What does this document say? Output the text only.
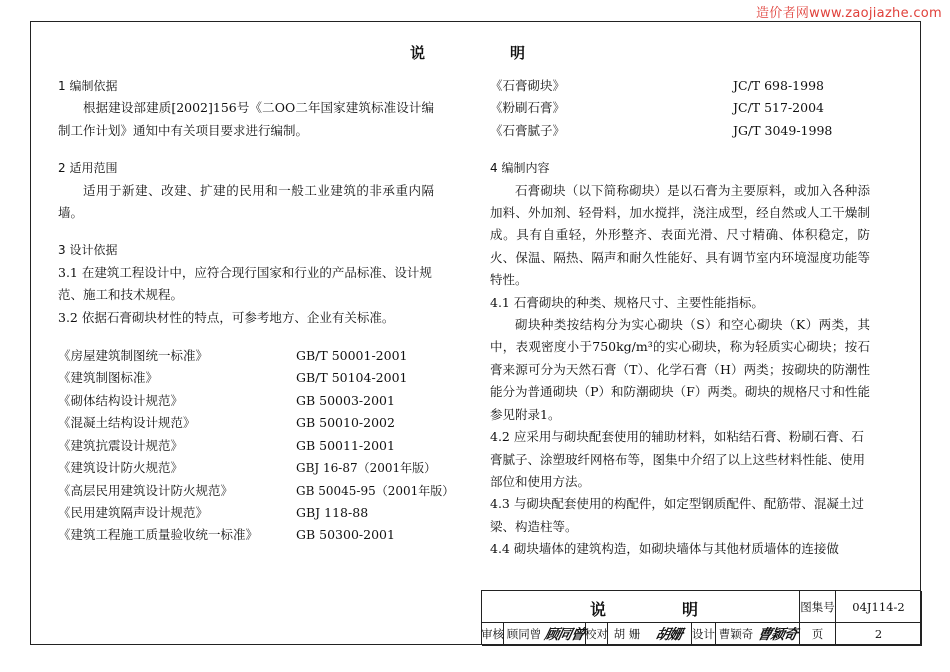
造价者网www.zaojiazhe.com
说	明
1 编制依据
根据建设部建质[2002]156号《二OO二年国家建筑标准设计编制工作计划》通知中有关项目要求进行编制。
2 适用范围
适用于新建、改建、扩建的民用和一般工业建筑的非承重内隔墙。
3 设计依据
3.1 在建筑工程设计中，应符合现行国家和行业的产品标准、设计规范、施工和技术规程。
3.2 依据石膏砌块材性的特点，可参考地方、企业有关标准。
《房屋建筑制图统一标准》	GB/T 50001-2001
《建筑制图标准》	GB/T 50104-2001
《砌体结构设计规范》	GB 50003-2001
《混凝土结构设计规范》	GB 50010-2002
《建筑抗震设计规范》	GB 50011-2001
《建筑设计防火规范》	GBJ 16-87（2001年版）
《高层民用建筑设计防火规范》	GB 50045-95（2001年版）
《民用建筑隔声设计规范》	GBJ 118-88
《建筑工程施工质量验收统一标准》	GB 50300-2001
《石膏砌块》	JC/T 698-1998
《粉刷石膏》	JC/T 517-2004
《石膏腻子》	JG/T 3049-1998
4 编制内容
石膏砌块（以下简称砌块）是以石膏为主要原料，或加入各种添加料、外加剂、轻骨料，加水搅拌，浇注成型，经自然或人工干燥制成。具有自重轻，外形整齐、表面光滑、尺寸精确、体积稳定，防火、保温、隔热、隔声和耐久性能好、具有调节室内环境湿度功能等特性。
4.1 石膏砌块的种类、规格尺寸、主要性能指标。
砌块种类按结构分为实心砌块（S）和空心砌块（K）两类，其中，表观密度小于750kg/m³的实心砌块，称为轻质实心砌块；按石膏来源可分为天然石膏（T）、化学石膏（H）两类；按砌块的防潮性能分为普通砌块（P）和防潮砌块（F）两类。砌块的规格尺寸和性能参见附录1。
4.2 应采用与砌块配套使用的辅助材料，如粘结石膏、粉刷石膏、石膏腻子、涂塑玻纤网格布等，图集中介绍了以上这些材料性能、使用部位和使用方法。
4.3 与砌块配套使用的构配件，如定型钢质配件、配筋带、混凝土过梁、构造柱等。
4.4 砌块墙体的建筑构造，如砌块墙体与其他材质墙体的连接做
说	明	图集号	04J114-2
审核 顾同曾 顾同曾 校对 胡 姗 胡姗 设计 曹颖奇 曹颖奇	页	2
